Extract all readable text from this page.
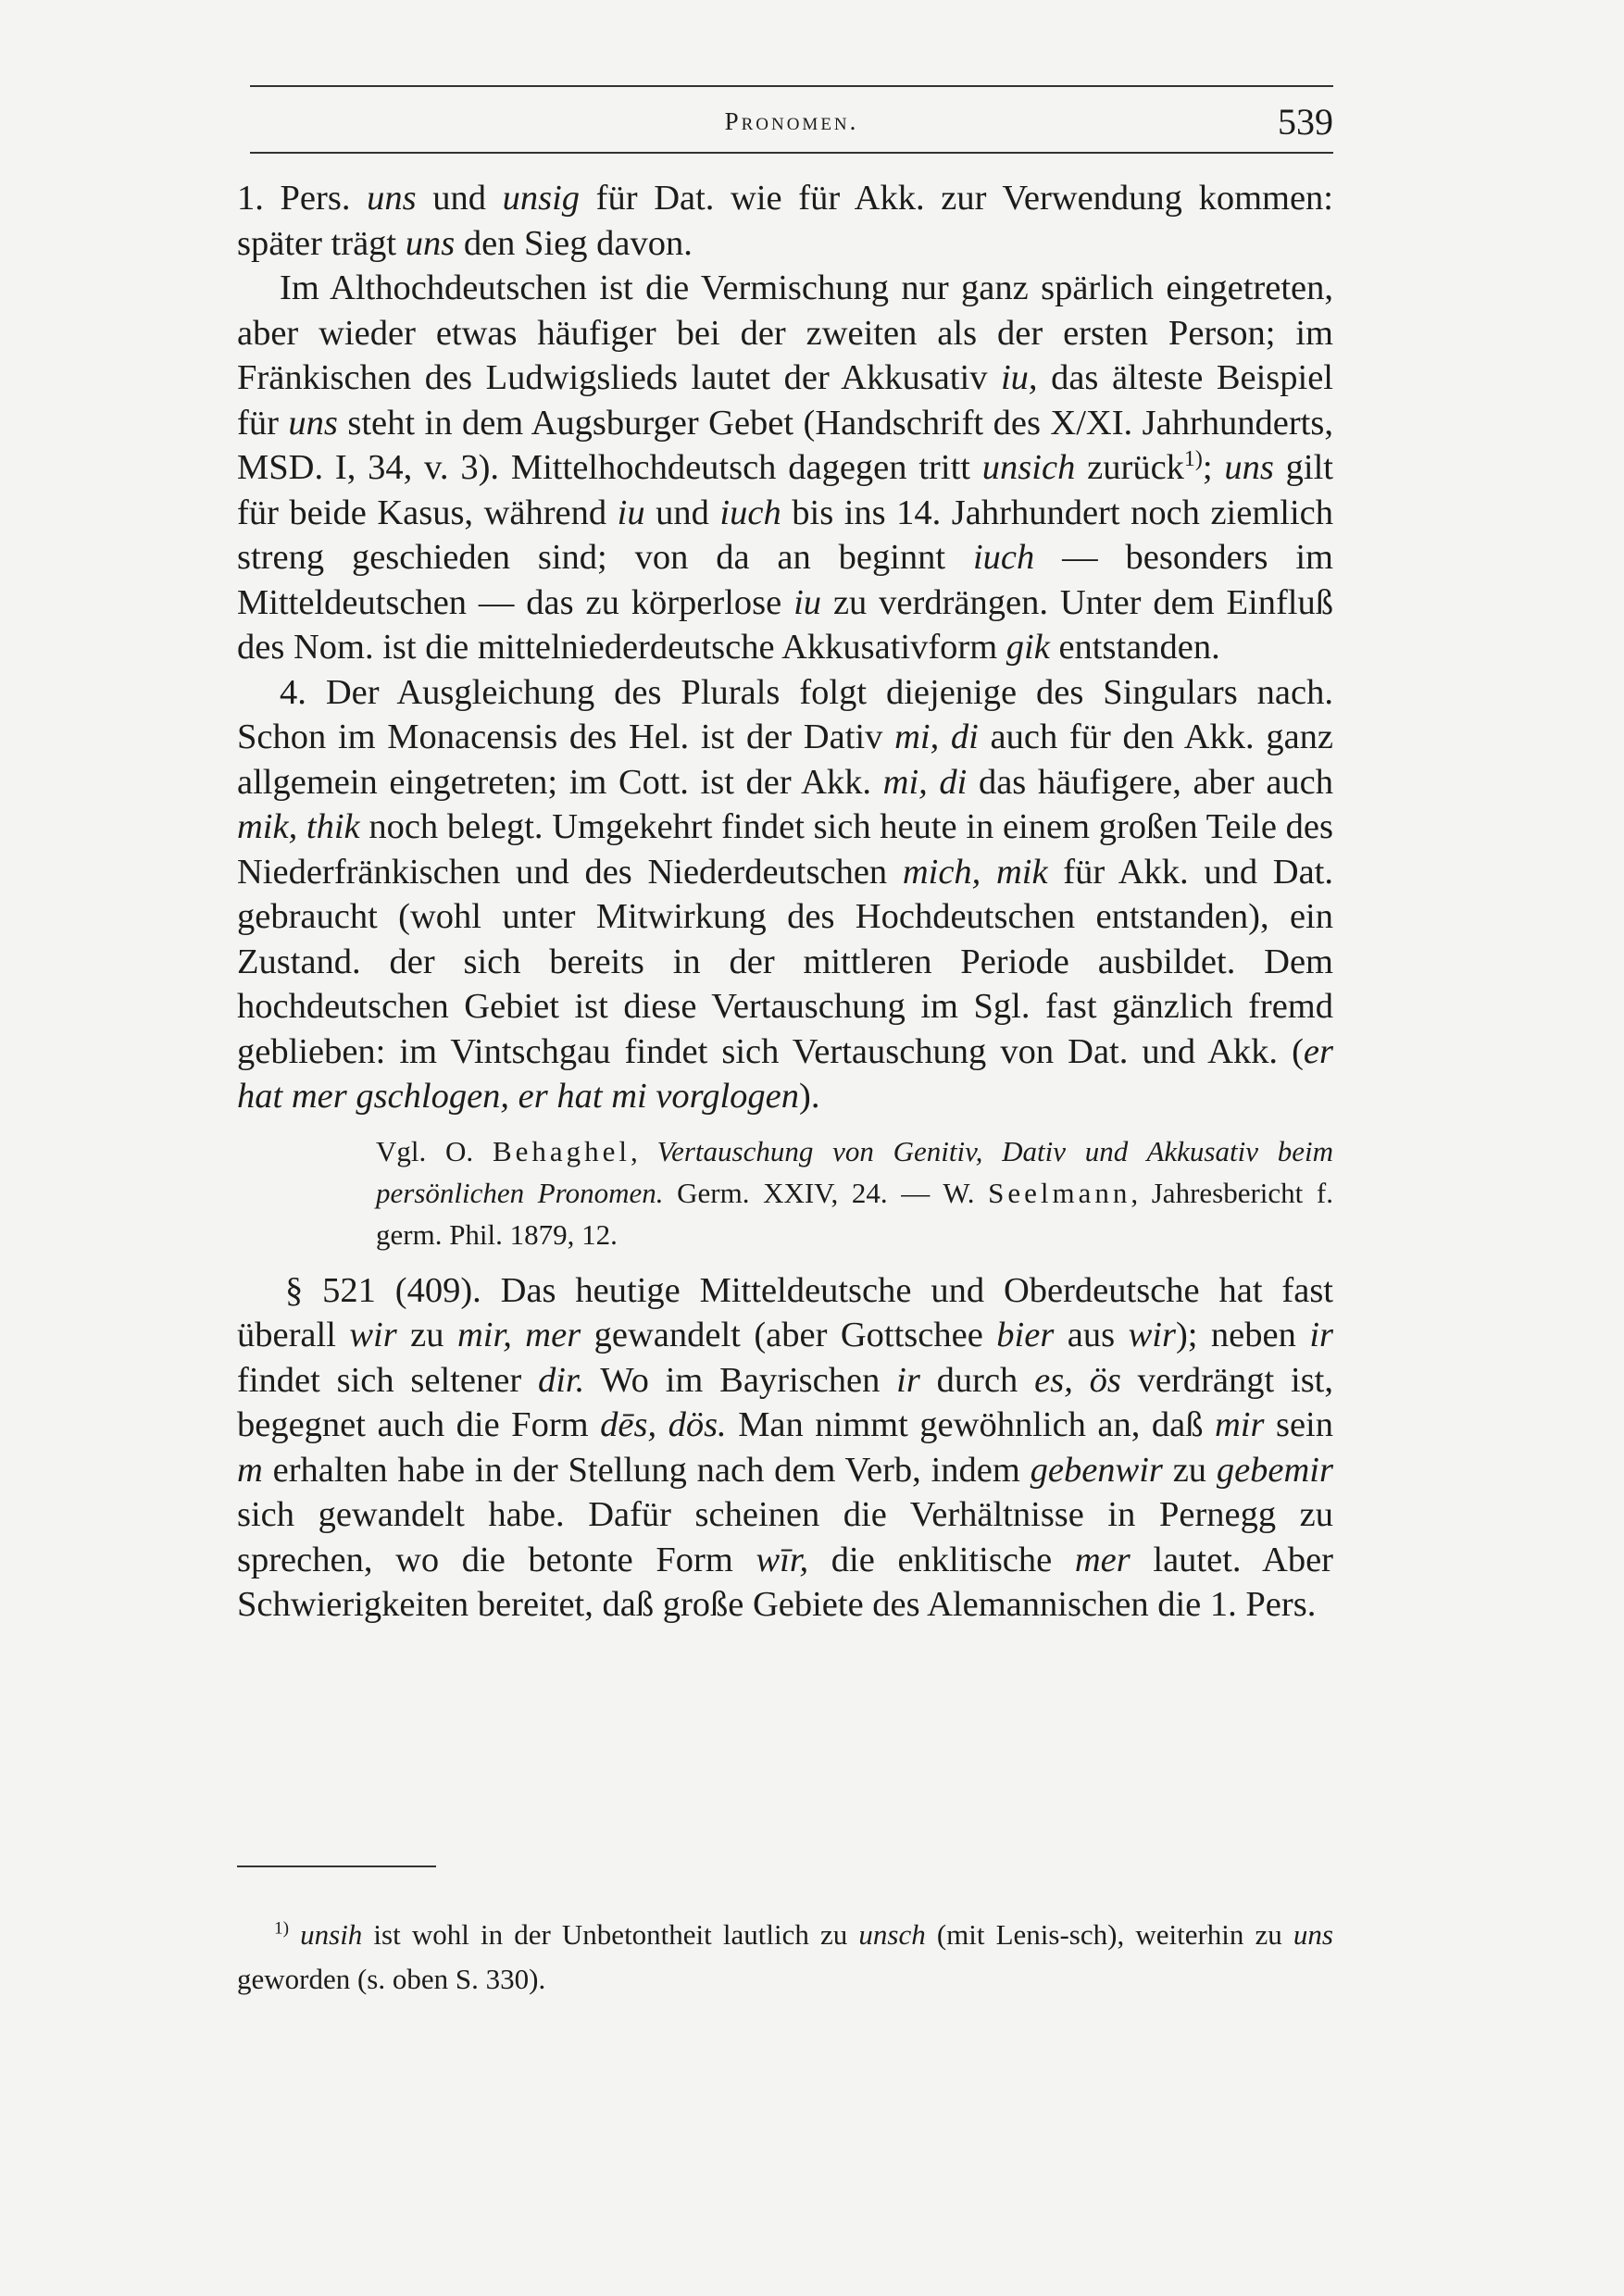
Pronomen.	539

1. Pers. uns und unsig für Dat. wie für Akk. zur Verwendung kommen: später trägt uns den Sieg davon.

Im Althochdeutschen ist die Vermischung nur ganz spärlich eingetreten, aber wieder etwas häufiger bei der zweiten als der ersten Person; im Fränkischen des Ludwigslieds lautet der Akkusativ iu, das älteste Beispiel für uns steht in dem Augsburger Gebet (Handschrift des X/XI. Jahrhunderts, MSD. I, 34, v. 3). Mittelhochdeutsch dagegen tritt unsich zurück$^{1)}$; uns gilt für beide Kasus, während iu und iuch bis ins 14. Jahrhundert noch ziemlich streng geschieden sind; von da an beginnt iuch — besonders im Mitteldeutschen — das zu körperlose iu zu verdrängen. Unter dem Einfluß des Nom. ist die mittelniederdeutsche Akkusativform gik entstanden.

4. Der Ausgleichung des Plurals folgt diejenige des Singulars nach. Schon im Monacensis des Hel. ist der Dativ mi, di auch für den Akk. ganz allgemein eingetreten; im Cott. ist der Akk. mi, di das häufigere, aber auch mik, thik noch belegt. Umgekehrt findet sich heute in einem großen Teile des Niederfränkischen und des Niederdeutschen mich, mik für Akk. und Dat. gebraucht (wohl unter Mitwirkung des Hochdeutschen entstanden), ein Zustand. der sich bereits in der mittleren Periode ausbildet. Dem hochdeutschen Gebiet ist diese Vertauschung im Sgl. fast gänzlich fremd geblieben: im Vintschgau findet sich Vertauschung von Dat. und Akk. (er hat mer gschlogen, er hat mi vorglogen).

Vgl. O. Behaghel, Vertauschung von Genitiv, Dativ und Akkusativ beim persönlichen Pronomen. Germ. XXIV, 24. — W. Seelmann, Jahresbericht f. germ. Phil. 1879, 12.

§ 521 (409). Das heutige Mitteldeutsche und Oberdeutsche hat fast überall wir zu mir, mer gewandelt (aber Gottschee bier aus wir); neben ir findet sich seltener dir. Wo im Bayrischen ir durch es, ös verdrängt ist, begegnet auch die Form dēs, dös. Man nimmt gewöhnlich an, daß mir sein m erhalten habe in der Stellung nach dem Verb, indem gebenwir zu gebemir sich gewandelt habe. Dafür scheinen die Verhältnisse in Pernegg zu sprechen, wo die betonte Form wīr, die enklitische mer lautet. Aber Schwierigkeiten bereitet, daß große Gebiete des Alemannischen die 1. Pers.

$^{1)}$ unsih ist wohl in der Unbetontheit lautlich zu unsch (mit Lenis-sch), weiterhin zu uns geworden (s. oben S. 330).
